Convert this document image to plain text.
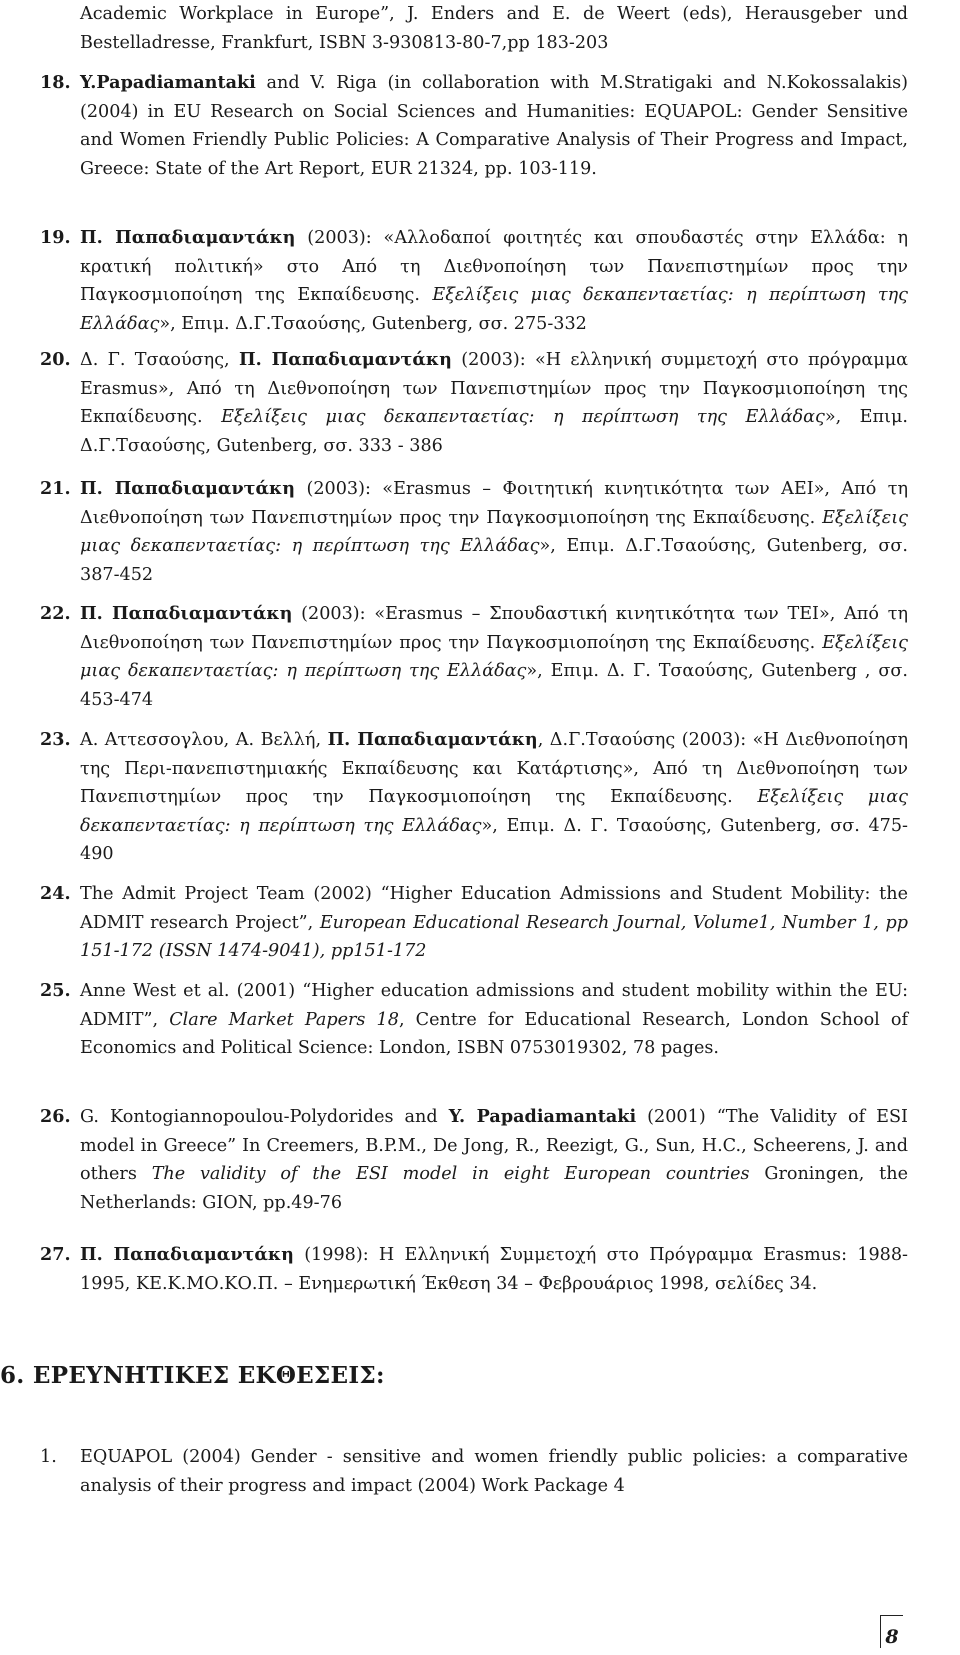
Academic Workplace in Europe”, J. Enders and E. de Weert (eds), Herausgeber und Bestelladresse, Frankfurt, ISBN 3-930813-80-7,pp 183-203
18. Y.Papadiamantaki and V. Riga (in collaboration with M.Stratigaki and N.Kokossalakis) (2004) in EU Research on Social Sciences and Humanities: EQUAPOL: Gender Sensitive and Women Friendly Public Policies: A Comparative Analysis of Their Progress and Impact, Greece: State of the Art Report, EUR 21324, pp. 103-119.
19. Π. Παπαδιαμαντάκη (2003): «Αλλοδαποί φοιτητές και σπουδαστές στην Ελλάδα: η κρατική πολιτική» στο Από τη Διεθνοποίηση των Πανεπιστημίων προς την Παγκοσμιοποίηση της Εκπαίδευσης. Εξελίξεις μιας δεκαπενταετίας: η περίπτωση της Ελλάδας», Επιμ. Δ.Γ.Τσαούσης, Gutenberg, σσ. 275-332
20. Δ. Γ. Τσαούσης, Π. Παπαδιαμαντάκη (2003): «Η ελληνική συμμετοχή στο πρόγραμμα Erasmus», Από τη Διεθνοποίηση των Πανεπιστημίων προς την Παγκοσμιοποίηση της Εκπαίδευσης. Εξελίξεις μιας δεκαπενταετίας: η περίπτωση της Ελλάδας», Επιμ. Δ.Γ.Τσαούσης, Gutenberg, σσ. 333 - 386
21. Π. Παπαδιαμαντάκη (2003): «Erasmus – Φοιτητική κινητικότητα των ΑΕΙ», Από τη Διεθνοποίηση των Πανεπιστημίων προς την Παγκοσμιοποίηση της Εκπαίδευσης. Εξελίξεις μιας δεκαπενταετίας: η περίπτωση της Ελλάδας», Επιμ. Δ.Γ.Τσαούσης, Gutenberg, σσ. 387-452
22. Π. Παπαδιαμαντάκη (2003): «Erasmus – Σπουδαστική κινητικότητα των ΤΕΙ», Από τη Διεθνοποίηση των Πανεπιστημίων προς την Παγκοσμιοποίηση της Εκπαίδευσης. Εξελίξεις μιας δεκαπενταετίας: η περίπτωση της Ελλάδας», Επιμ. Δ. Γ. Τσαούσης, Gutenberg , σσ. 453-474
23. Α. Αττεσσογλου, Α. Βελλή, Π. Παπαδιαμαντάκη, Δ.Γ.Τσαούσης (2003): «Η Διεθνοποίηση της Περι-πανεπιστημιακής Εκπαίδευσης και Κατάρτισης», Από τη Διεθνοποίηση των Πανεπιστημίων προς την Παγκοσμιοποίηση της Εκπαίδευσης. Εξελίξεις μιας δεκαπενταετίας: η περίπτωση της Ελλάδας», Επιμ. Δ. Γ. Τσαούσης, Gutenberg, σσ. 475-490
24. The Admit Project Team (2002) “Higher Education Admissions and Student Mobility: the ADMIT research Project”, European Educational Research Journal, Volume1, Number 1, pp 151-172 (ISSN 1474-9041), pp151-172
25. Anne West et al. (2001) “Higher education admissions and student mobility within the EU: ADMIT”, Clare Market Papers 18, Centre for Educational Research, London School of Economics and Political Science: London, ISBN 0753019302, 78 pages.
26. G. Kontogiannopoulou-Polydorides and Y. Papadiamantaki (2001) “The Validity of ESI model in Greece” In Creemers, B.P.M., De Jong, R., Reezigt, G., Sun, H.C., Scheerens, J. and others The validity of the ESI model in eight European countries Groningen, the Netherlands: GION, pp.49-76
27. Π. Παπαδιαμαντάκη (1998): Η Ελληνική Συμμετοχή στο Πρόγραμμα Erasmus: 1988-1995, ΚΕ.Κ.ΜΟ.ΚΟ.Π. – Ενημερωτική Έκθεση 34 – Φεβρουάριος 1998, σελίδες 34.
6. ΕΡΕΥΝΗΤΙΚΕΣ ΕΚΘΕΣΕΙΣ:
1. EQUAPOL (2004) Gender - sensitive and women friendly public policies: a comparative analysis of their progress and impact (2004) Work Package 4
8
